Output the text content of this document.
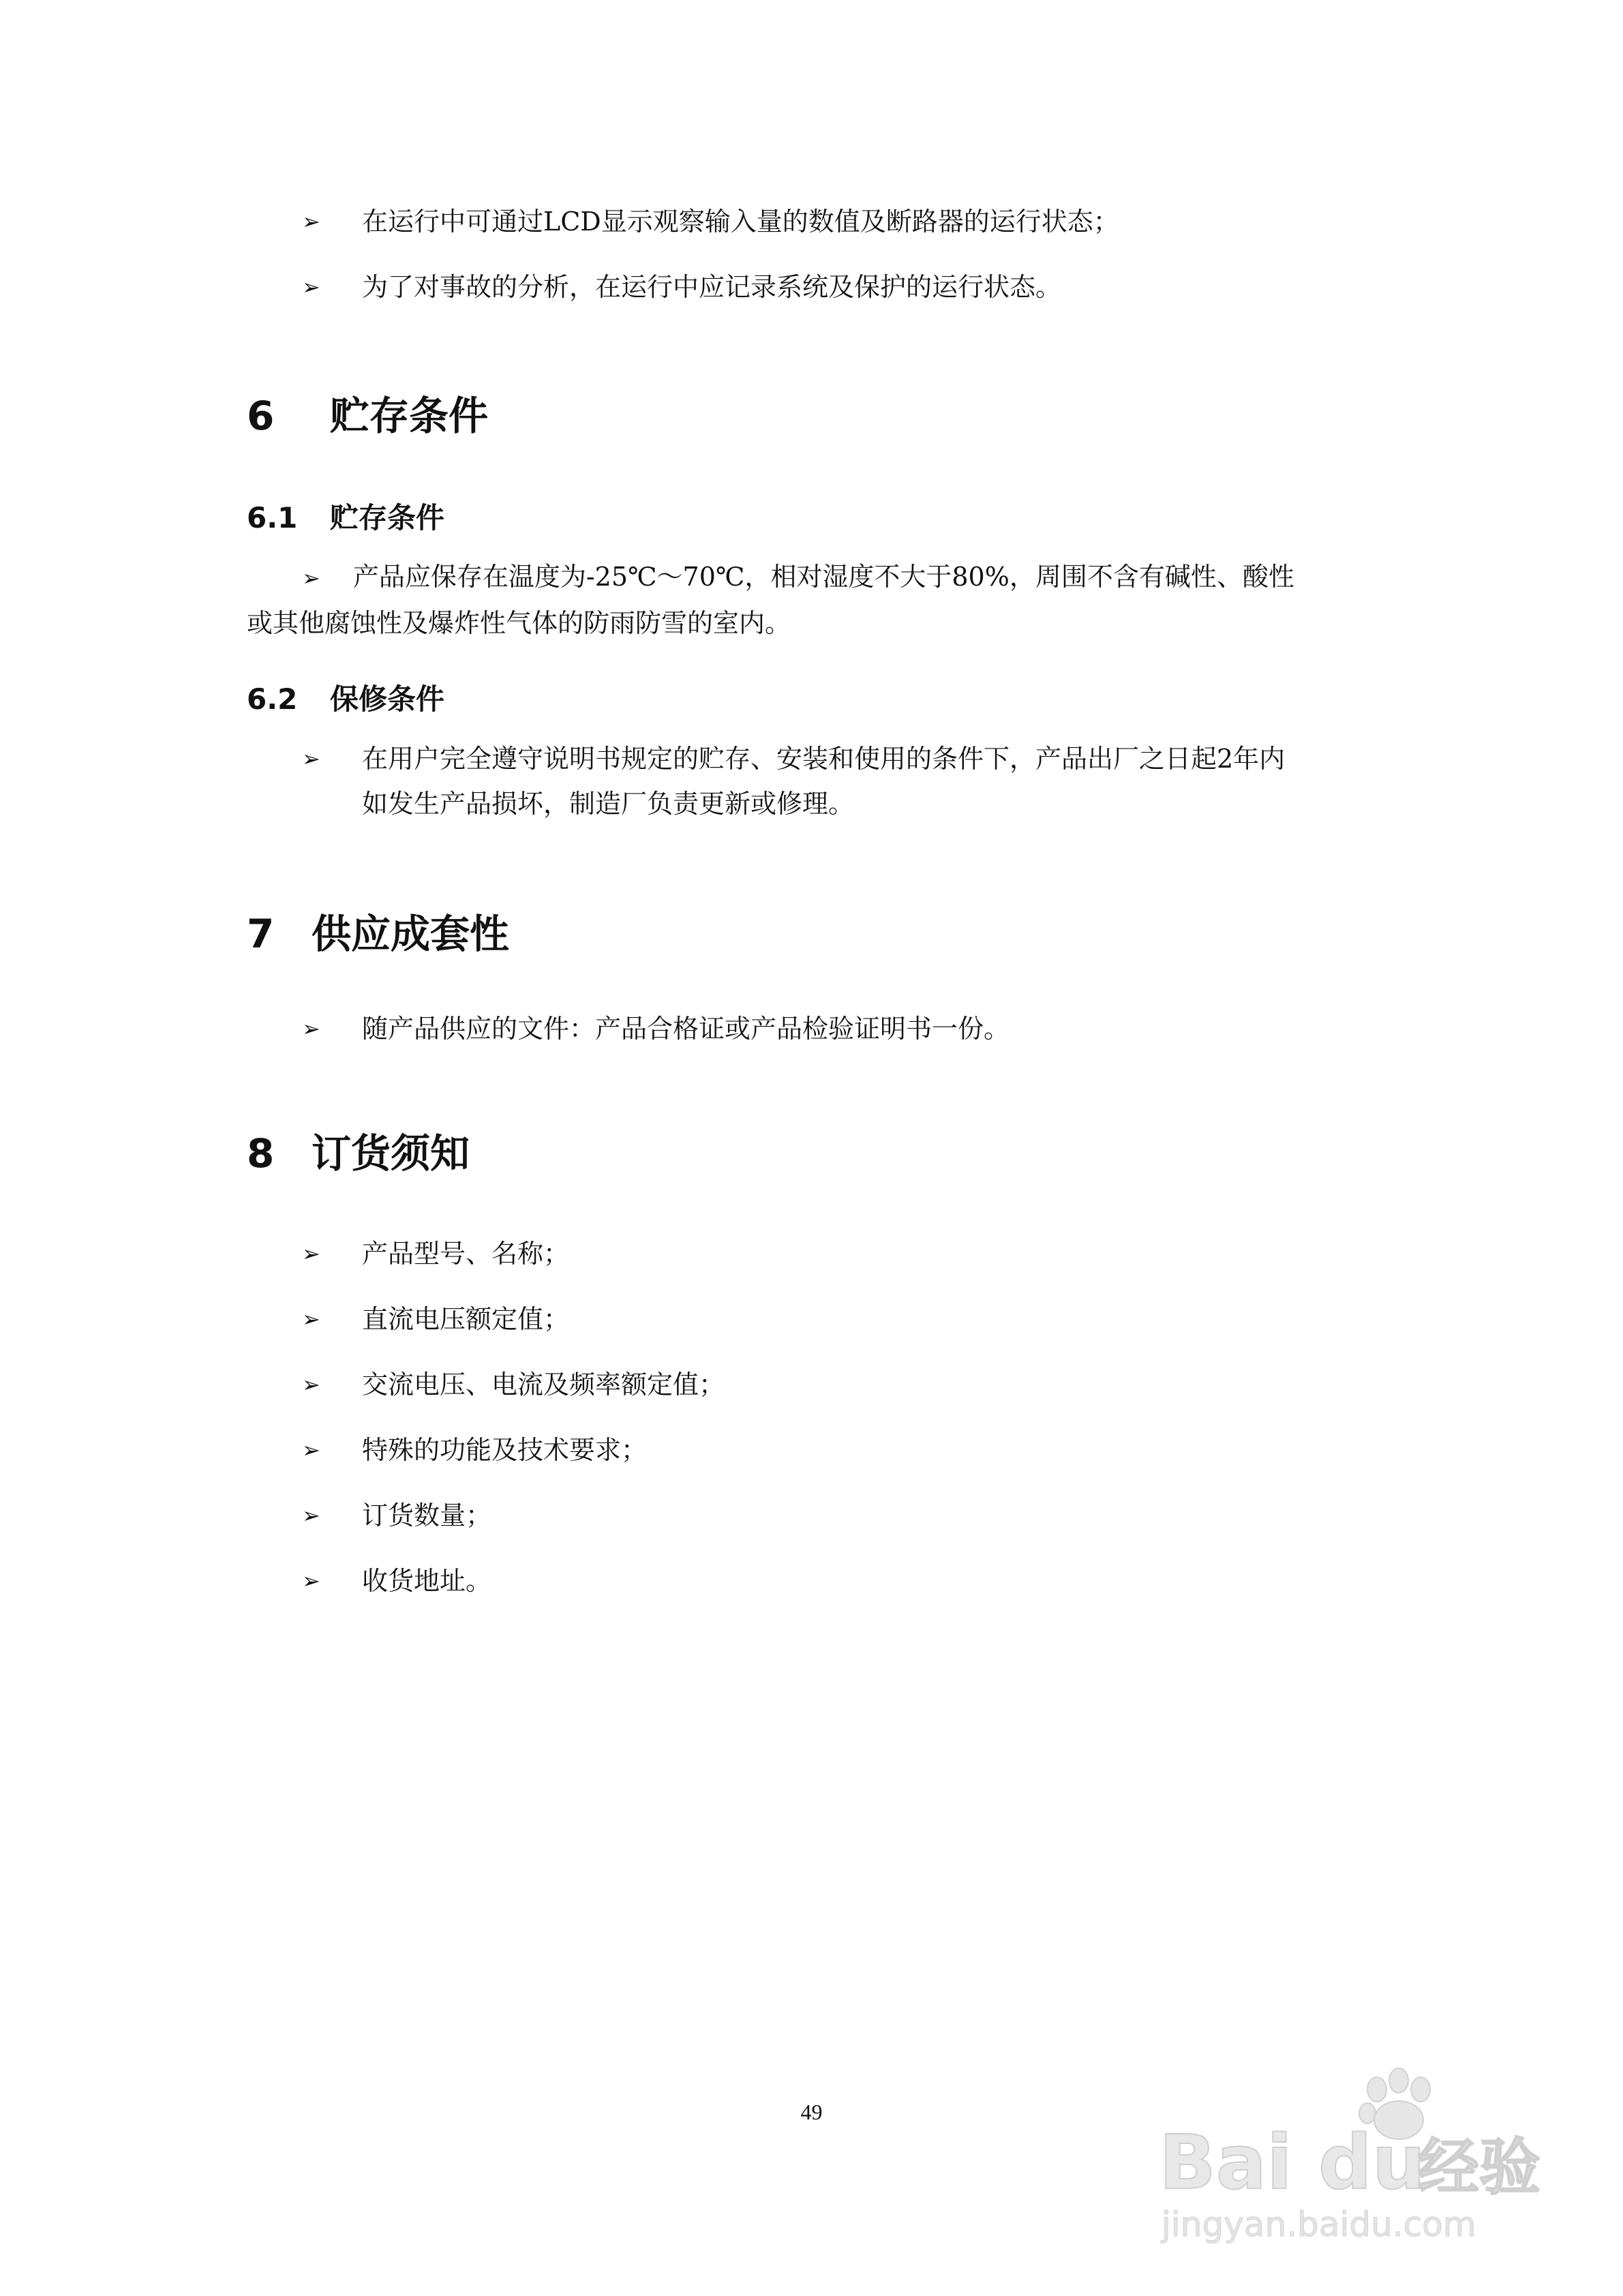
➢	在运行中可通过LCD显示观察输入量的数值及断路器的运行状态；
➢	为了对事故的分析，在运行中应记录系统及保护的运行状态。
6 贮存条件
6.1 贮存条件
➢ 产品应保存在温度为-25℃～70℃，相对湿度不大于80%，周围不含有碱性、酸性
或其他腐蚀性及爆炸性气体的防雨防雪的室内。
6.2 保修条件
➢	在用户完全遵守说明书规定的贮存、安装和使用的条件下，产品出厂之日起2年内
如发生产品损坏，制造厂负责更新或修理。
7 供应成套性
➢	随产品供应的文件：产品合格证或产品检验证明书一份。
8 订货须知
➢	产品型号、名称；
➢	直流电压额定值；
➢	交流电压、电流及频率额定值；
➢	特殊的功能及技术要求；
➢	订货数量；
➢	收货地址。
49
Bai du
经验
jingyan.baidu.com
